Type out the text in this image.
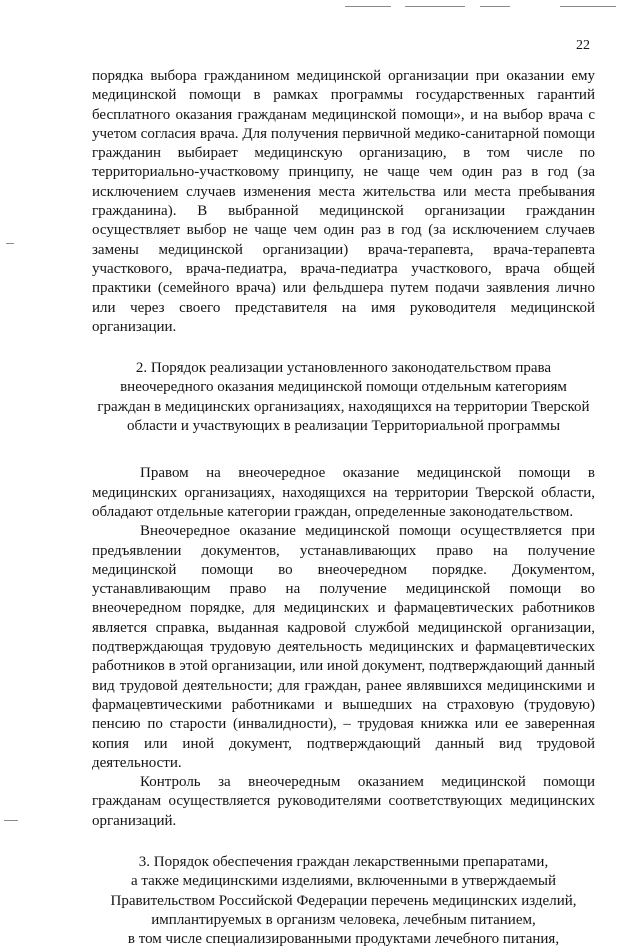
22

порядка выбора гражданином медицинской организации при оказании ему медицинской помощи в рамках программы государственных гарантий бесплатного оказания гражданам медицинской помощи», и на выбор врача с учетом согласия врача. Для получения первичной медико-санитарной помощи гражданин выбирает медицинскую организацию, в том числе по территориально-участковому принципу, не чаще чем один раз в год (за исключением случаев изменения места жительства или места пребывания гражданина). В выбранной медицинской организации гражданин осуществляет выбор не чаще чем один раз в год (за исключением случаев замены медицинской организации) врача-терапевта, врача-терапевта участкового, врача-педиатра, врача-педиатра участкового, врача общей практики (семейного врача) или фельдшера путем подачи заявления лично или через своего представителя на имя руководителя медицинской организации.

2. Порядок реализации установленного законодательством права
внеочередного оказания медицинской помощи отдельным категориям
граждан в медицинских организациях, находящихся на территории Тверской
области и участвующих в реализации Территориальной программы

Правом на внеочередное оказание медицинской помощи в медицинских организациях, находящихся на территории Тверской области, обладают отдельные категории граждан, определенные законодательством.

Внеочередное оказание медицинской помощи осуществляется при предъявлении документов, устанавливающих право на получение медицинской помощи во внеочередном порядке. Документом, устанавливающим право на получение медицинской помощи во внеочередном порядке, для медицинских и фармацевтических работников является справка, выданная кадровой службой медицинской организации, подтверждающая трудовую деятельность медицинских и фармацевтических работников в этой организации, или иной документ, подтверждающий данный вид трудовой деятельности; для граждан, ранее являвшихся медицинскими и фармацевтическими работниками и вышедших на страховую (трудовую) пенсию по старости (инвалидности), – трудовая книжка или ее заверенная копия или иной документ, подтверждающий данный вид трудовой деятельности.

Контроль за внеочередным оказанием медицинской помощи гражданам осуществляется руководителями соответствующих медицинских организаций.

3. Порядок обеспечения граждан лекарственными препаратами,
а также медицинскими изделиями, включенными в утверждаемый
Правительством Российской Федерации перечень медицинских изделий,
имплантируемых в организм человека, лечебным питанием,
в том числе специализированными продуктами лечебного питания,
